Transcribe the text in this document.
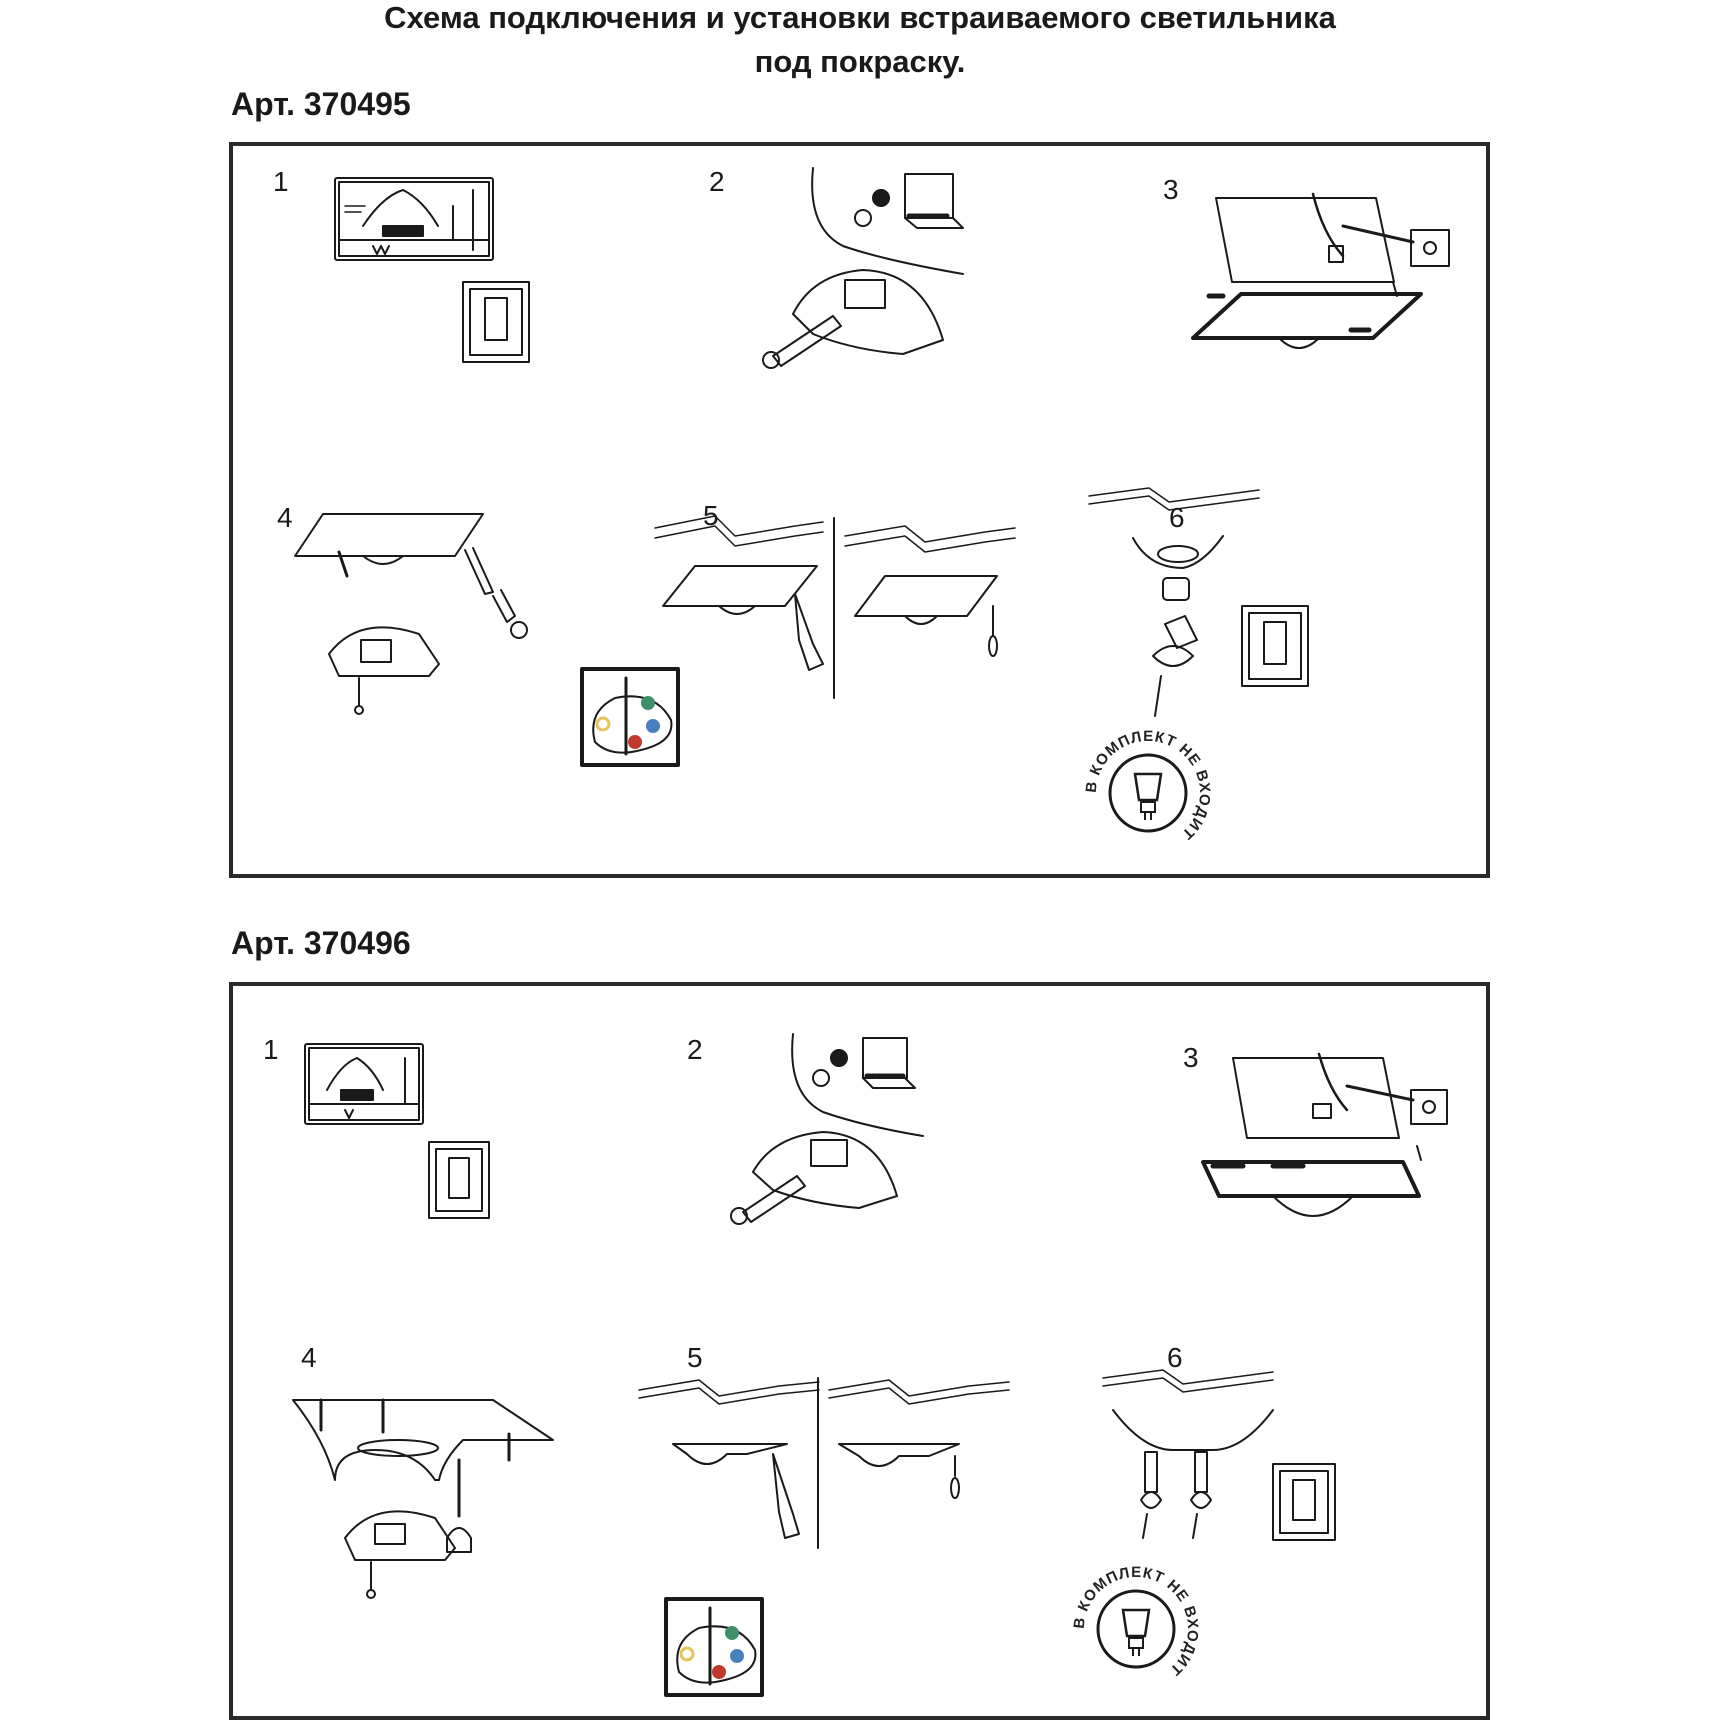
Схема подключения и установки встраиваемого светильника
под покраску.
Арт. 370495
1	2	3
4	5	6
В КОМПЛЕКТ НЕ ВХОДИТ
Арт. 370496
1	2	3
4	5	6
В КОМПЛЕКТ НЕ ВХОДИТ
